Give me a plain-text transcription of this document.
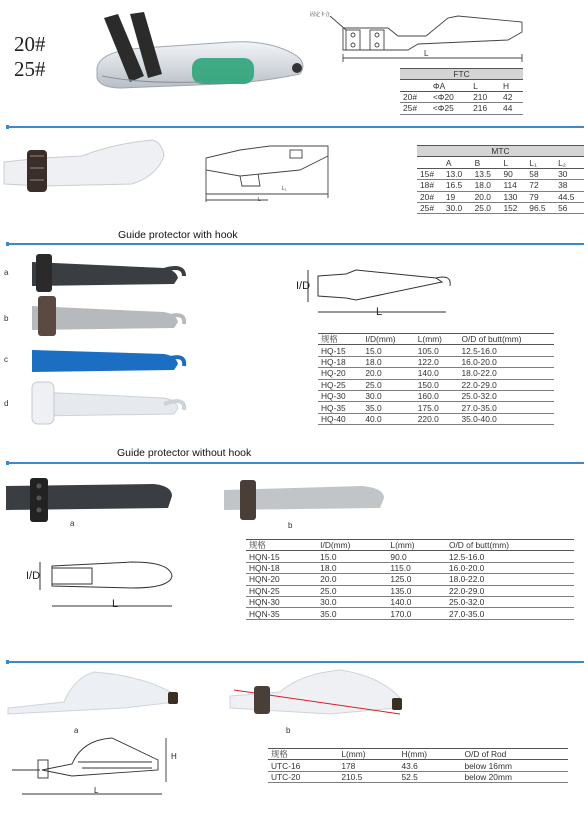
20#
25#
固定卡合
L
FTC			
	ΦA	L	H
20#	<Φ20	210	42
25#	<Φ25	216	44
L
L₁
MTC					
	A	B	L	L₁	L₂
15#	13.0	13.5	90	58	30
18#	16.5	18.0	114	72	38
20#	19	20.0	130	79	44.5
25#	30.0	25.0	152	96.5	56
Guide protector with hook
a
b
c
d
I/D
L
规格	I/D(mm)	L(mm)	O/D of butt(mm)
HQ-15	15.0	105.0	12.5-16.0
HQ-18	18.0	122.0	16.0-20.0
HQ-20	20.0	140.0	18.0-22.0
HQ-25	25.0	150.0	22.0-29.0
HQ-30	30.0	160.0	25.0-32.0
HQ-35	35.0	175.0	27.0-35.0
HQ-40	40.0	220.0	35.0-40.0
Guide protector without hook
a	b
I/D
L
规格	I/D(mm)	L(mm)	O/D of butt(mm)
HQN-15	15.0	90.0	12.5-16.0
HQN-18	18.0	115.0	16.0-20.0
HQN-20	20.0	125.0	18.0-22.0
HQN-25	25.0	135.0	22.0-29.0
HQN-30	30.0	140.0	25.0-32.0
HQN-35	35.0	170.0	27.0-35.0
a	b
H
L
规格	L(mm)	H(mm)	O/D of Rod
UTC-16	178	43.6	below 16mm
UTC-20	210.5	52.5	below 20mm
